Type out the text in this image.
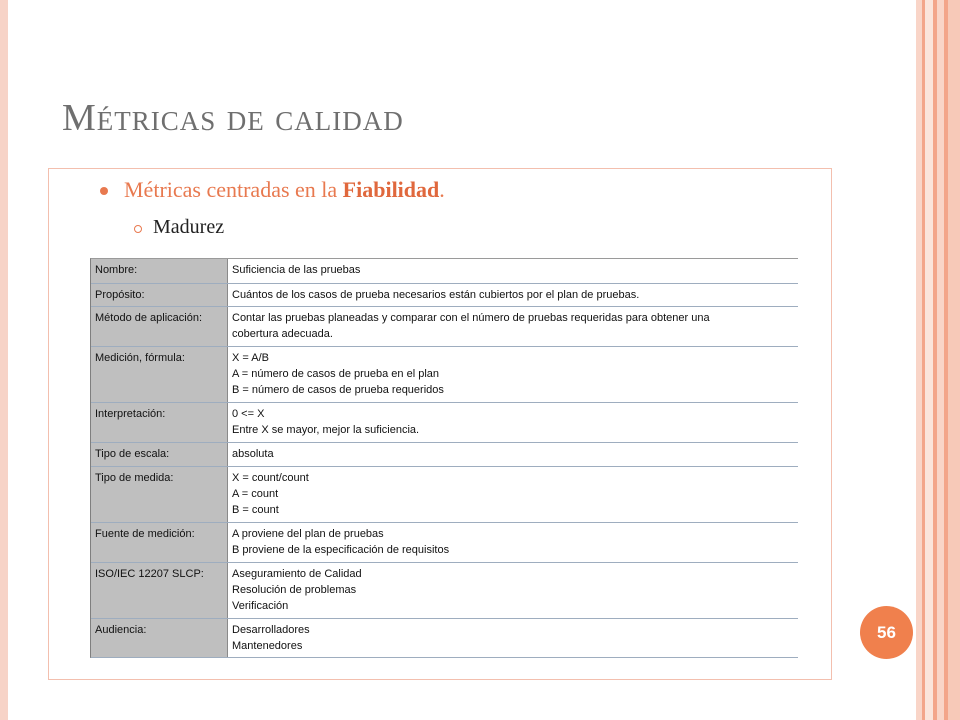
Métricas de calidad
Métricas centradas en la Fiabilidad.
Madurez
Nombre:	Suficiencia de las pruebas
Propósito:	Cuántos de los casos de prueba necesarios están cubiertos por el plan de pruebas.
Método de aplicación:	Contar las pruebas planeadas y comparar con el número de pruebas requeridas para obtener una
cobertura adecuada.
Medición, fórmula:	X = A/B
A = número de casos de prueba en el plan
B = número de casos de prueba requeridos
Interpretación:	0 <= X
Entre X se mayor, mejor la suficiencia.
Tipo de escala:	absoluta
Tipo de medida:	X = count/count
A = count
B = count
Fuente de medición:	A proviene del plan de pruebas
B proviene de la especificación de requisitos
ISO/IEC 12207 SLCP:	Aseguramiento de Calidad
Resolución de problemas
Verificación
Audiencia:	Desarrolladores
Mantenedores
56
